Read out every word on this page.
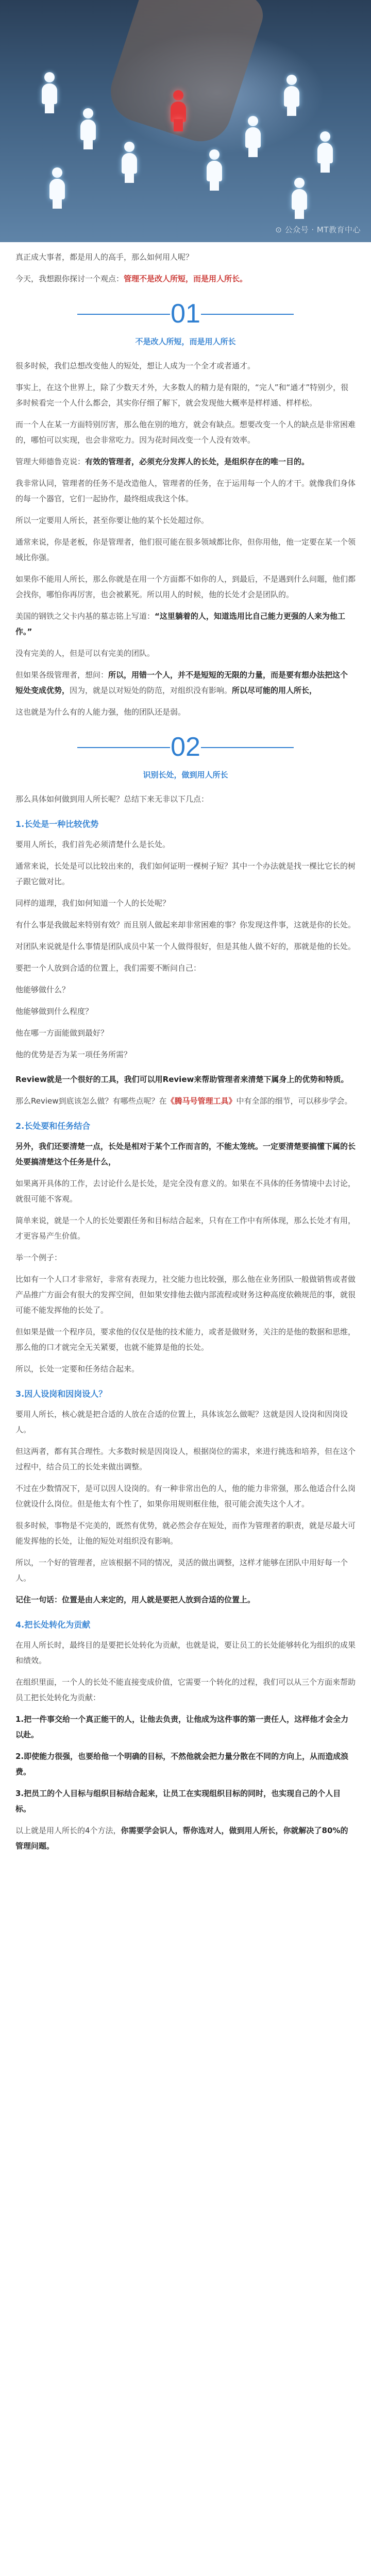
⊙ 公众号 · MT教育中心

真正成大事者，都是用人的高手，那么如何用人呢？

今天，我想跟你探讨一个观点：管理不是改人所短，而是用人所长。

01
不是改人所短，而是用人所长

很多时候，我们总想改变他人的短处，想让人成为一个全才或者通才。

事实上，在这个世界上，除了少数天才外，大多数人的精力是有限的，“完人”和“通才”特别少，很多时候看完一个人什么都会，其实你仔细了解下，就会发现他大概率是样样通、样样松。

而一个人在某一方面特别厉害，那么他在别的地方，就会有缺点。想要改变一个人的缺点是非常困难的，哪怕可以实现，也会非常吃力。因为花时间改变一个人没有效率。

管理大师德鲁克说：有效的管理者，必须充分发挥人的长处，是组织存在的唯一目的。

我非常认同，管理者的任务不是改造他人，管理者的任务，在于运用每一个人的才干。就像我们身体的每一个器官，它们一起协作，最终组成我这个体。

所以一定要用人所长，甚至你要让他的某个长处超过你。

通常来说，你是老板，你是管理者，他们很可能在很多领域都比你，但你用他，他一定要在某一个领域比你强。

如果你不能用人所长，那么你就是在用一个方面都不如你的人，到最后，不是遇到什么问题，他们都会找你，哪怕你再厉害，也会被累死。所以用人的时候，他的长处才会是团队的。

美国的钢铁之父卡内基的墓志铭上写道：“这里躺着的人，知道选用比自己能力更强的人来为他工作。”

没有完美的人，但是可以有完美的团队。

但如果各级管理者，想问：所以，用错一个人，并不是短短的无限的力量，而是要有想办法把这个短处变成优势，因为，就是以对短处的防范，对组织没有影响。所以尽可能的用人所长，

这也就是为什么有的人能力强，他的团队还是弱。

02
识别长处，做到用人所长

那么具体如何做到用人所长呢？总结下来无非以下几点：

1.长处是一种比较优势

要用人所长，我们首先必须清楚什么是长处。

通常来说，长处是可以比较出来的，我们如何证明一棵树子短？其中一个办法就是找一棵比它长的树子跟它做对比。

同样的道理，我们如何知道一个人的长处呢？

有什么事是我做起来特别有效？而且别人做起来却非常困难的事？你发现这件事，这就是你的长处。

对团队来说就是什么事情是团队成员中某一个人做得很好，但是其他人做不好的，那就是他的长处。

要把一个人放到合适的位置上，我们需要不断问自己：

他能够做什么？

他能够做到什么程度？

他在哪一方面能做到最好？

他的优势是否为某一项任务所需？

Review就是一个很好的工具，我们可以用Review来帮助管理者来清楚下属身上的优势和特质。

那么Review到底该怎么做？有哪些点呢？在《腾马号管理工具》中有全部的细节，可以移步学会。

2.长处要和任务结合

另外，我们还要清楚一点，长处是相对于某个工作而言的，不能太笼统。一定要清楚要搞懂下属的长处要搞清楚这个任务是什么，

如果离开具体的工作，去讨论什么是长处，是完全没有意义的。如果在不具体的任务情境中去讨论，就很可能不客观。

简单来说，就是一个人的长处要跟任务和目标结合起来，只有在工作中有所体现，那么长处才有用，才更容易产生价值。

举一个例子：

比如有一个人口才非常好，非常有表现力，社交能力也比较强，那么他在业务团队一般做销售或者做产品推广方面会有很大的发挥空间，但如果安排他去做内部流程或财务这种高度依赖规范的事，就很可能不能发挥他的长处了。

但如果是做一个程序员，要求他的仅仅是他的技术能力，或者是做财务，关注的是他的数据和思维，那么他的口才就完全无关紧要，也就不能算是他的长处。

所以，长处一定要和任务结合起来。

3.因人设岗和因岗设人？

要用人所长，核心就是把合适的人放在合适的位置上，具体该怎么做呢？这就是因人设岗和因岗设人。

但这两者，都有其合理性。大多数时候是因岗设人，根据岗位的需求，来进行挑选和培养，但在这个过程中，结合员工的长处来做出调整。

不过在少数情况下，是可以因人设岗的。有一种非常出色的人，他的能力非常强，那么他适合什么岗位就设什么岗位。但是他太有个性了，如果你用规则框住他，很可能会流失这个人才。

很多时候，事物是不完美的，既然有优势，就必然会存在短处，而作为管理者的职责，就是尽最大可能发挥他的长处，让他的短处对组织没有影响。

所以，一个好的管理者，应该根据不同的情况，灵活的做出调整，这样才能够在团队中用好每一个人。

记住一句话：位置是由人来定的，用人就是要把人放到合适的位置上。

4.把长处转化为贡献

在用人所长时，最终目的是要把长处转化为贡献，也就是说，要让员工的长处能够转化为组织的成果和绩效。

在组织里面，一个人的长处不能直接变成价值，它需要一个转化的过程，我们可以从三个方面来帮助员工把长处转化为贡献：

1.把一件事交给一个真正能干的人，让他去负责，让他成为这件事的第一责任人，这样他才会全力以赴。

2.即使能力很强，也要给他一个明确的目标，不然他就会把力量分散在不同的方向上，从而造成浪费。

3.把员工的个人目标与组织目标结合起来，让员工在实现组织目标的同时，也实现自己的个人目标。

以上就是用人所长的4个方法，你需要学会识人，帮你选对人，做到用人所长，你就解决了80%的管理问题。
